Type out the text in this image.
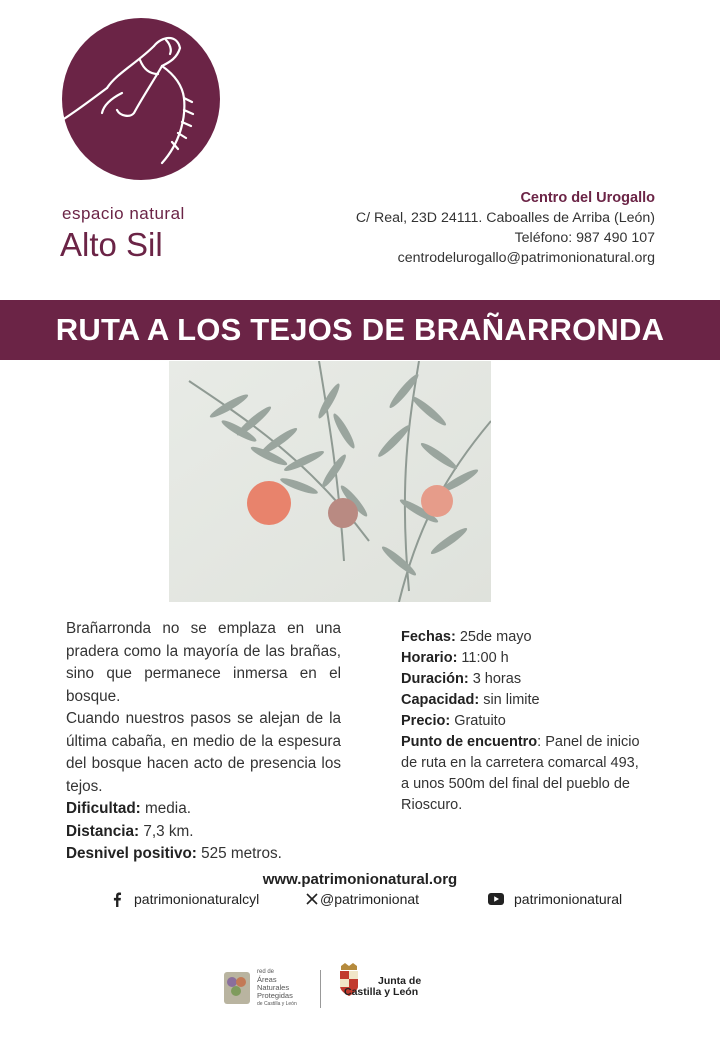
espacio natural
Alto Sil
Centro del Urogallo
C/ Real, 23D 24111. Caboalles de Arriba (León)
Teléfono: 987 490 107
centrodelurogallo@patrimonionatural.org
RUTA A LOS TEJOS DE BRAÑARRONDA

Brañarronda no se emplaza en una pradera como la mayoría de las brañas, sino que permanece inmersa en el bosque.

Cuando nuestros pasos se alejan de la última cabaña, en medio de la espesura del bosque hacen acto de presencia los tejos.

Dificultad: media.
Distancia: 7,3 km.
Desnivel positivo: 525 metros.
Fechas: 25de mayo
Horario: 11:00 h
Duración: 3 horas
Capacidad: sin limite
Precio: Gratuito
Punto de encuentro: Panel de inicio de ruta en la carretera comarcal 493, a unos 500m del final del pueblo de Rioscuro.
www.patrimonionatural.org
patrimonionaturalcyl	@patrimonionat	patrimonionatural
red de
Áreas
Naturales
Protegidas
de Castilla y León
Junta de
Castilla y León
